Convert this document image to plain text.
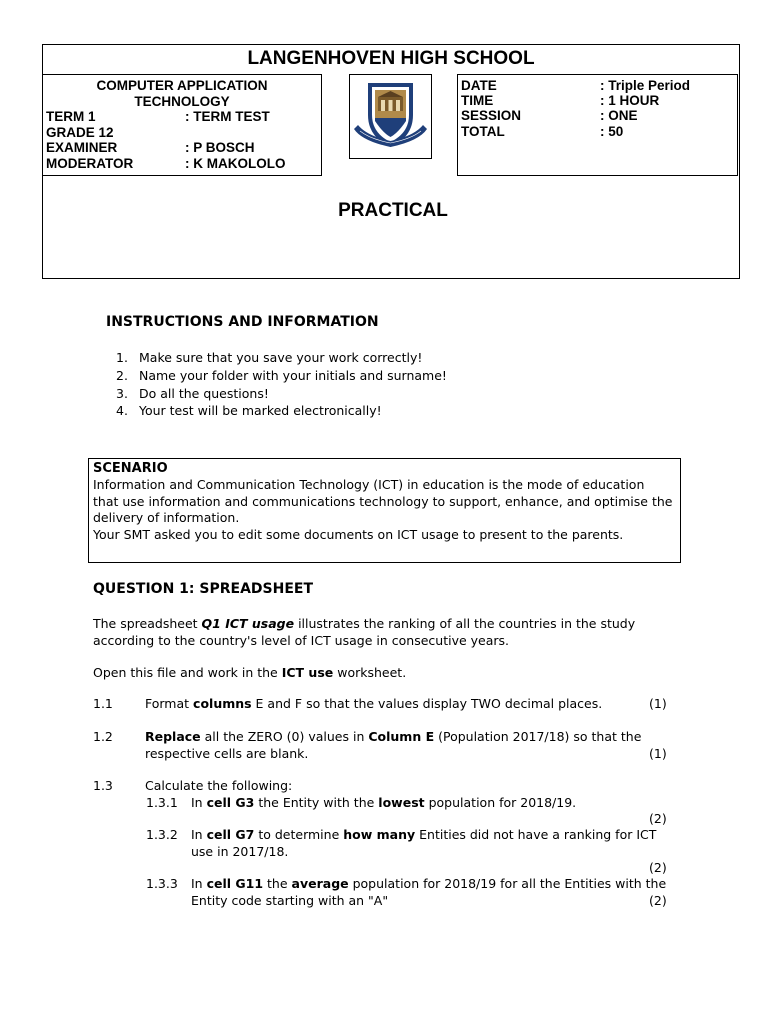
LANGENHOVEN HIGH SCHOOL
COMPUTER APPLICATION
TECHNOLOGY
TERM 1	: TERM TEST
GRADE 12
EXAMINER	: P BOSCH
MODERATOR	: K MAKOLOLO
DATE	: Triple Period
TIME	: 1 HOUR
SESSION	: ONE
TOTAL	: 50
PRACTICAL
INSTRUCTIONS AND INFORMATION
1. Make sure that you save your work correctly!
2. Name your folder with your initials and surname!
3. Do all the questions!
4. Your test will be marked electronically!
SCENARIO
Information and Communication Technology (ICT) in education is the mode of education that use information and communications technology to support, enhance, and optimise the delivery of information.
Your SMT asked you to edit some documents on ICT usage to present to the parents.
QUESTION 1: SPREADSHEET
The spreadsheet Q1 ICT usage illustrates the ranking of all the countries in the study according to the country's level of ICT usage in consecutive years.
Open this file and work in the ICT use worksheet.
1.1	Format columns E and F so that the values display TWO decimal places.	(1)
1.2	Replace all the ZERO (0) values in Column E (Population 2017/18) so that the
respective cells are blank.	(1)
1.3	Calculate the following:
1.3.1 In cell G3 the Entity with the lowest population for 2018/19.
(2)
1.3.2 In cell G7 to determine how many Entities did not have a ranking for ICT
use in 2017/18.
(2)
1.3.3 In cell G11 the average population for 2018/19 for all the Entities with the
Entity code starting with an "A"	(2)
